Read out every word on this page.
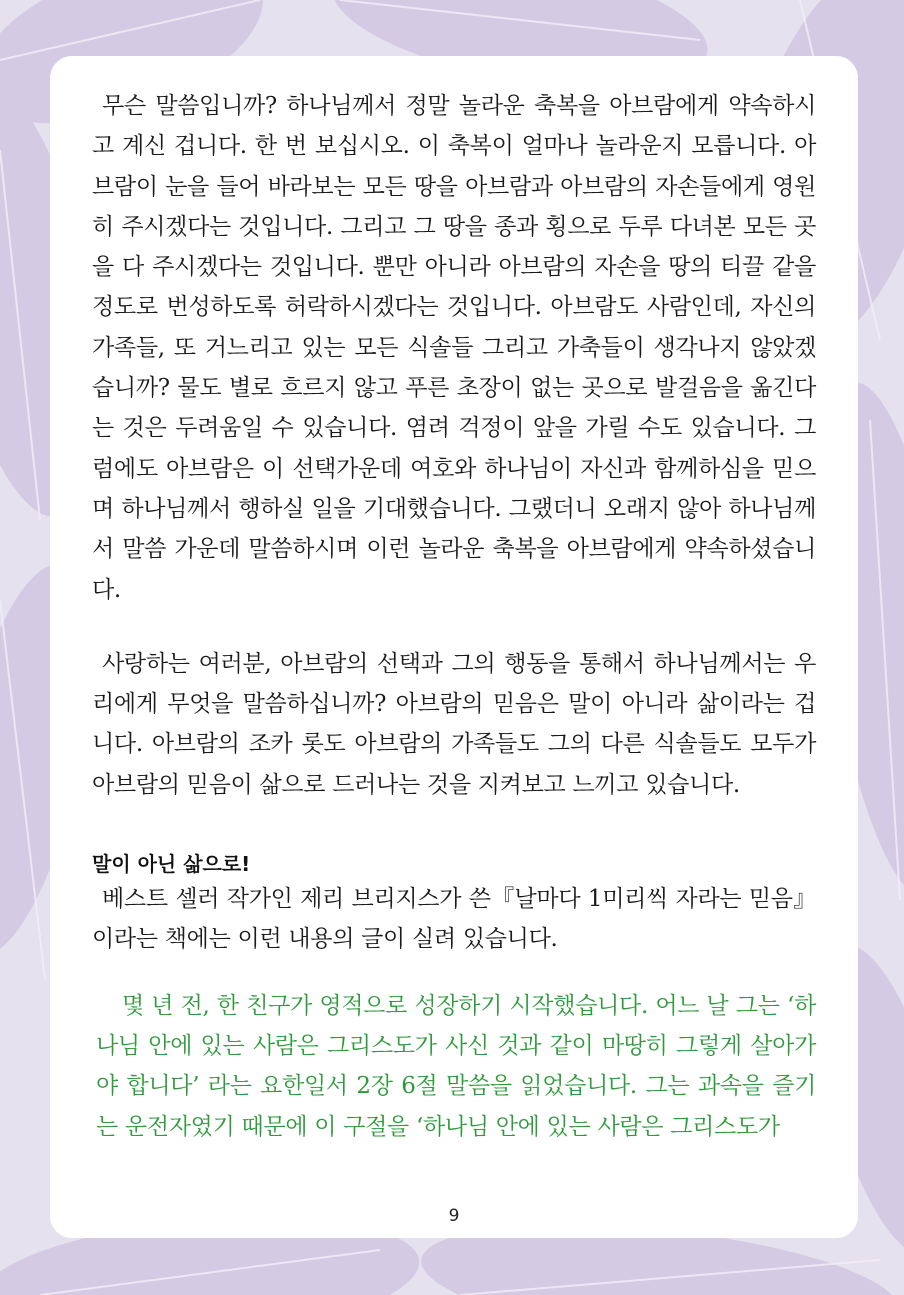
무슨 말씀입니까? 하나님께서 정말 놀라운 축복을 아브람에게 약속하시고 계신 겁니다. 한 번 보십시오. 이 축복이 얼마나 놀라운지 모릅니다. 아브람이 눈을 들어 바라보는 모든 땅을 아브람과 아브람의 자손들에게 영원히 주시겠다는 것입니다. 그리고 그 땅을 종과 횡으로 두루 다녀본 모든 곳을 다 주시겠다는 것입니다. 뿐만 아니라 아브람의 자손을 땅의 티끌 같을 정도로 번성하도록 허락하시겠다는 것입니다. 아브람도 사람인데, 자신의 가족들, 또 거느리고 있는 모든 식솔들 그리고 가축들이 생각나지 않았겠습니까? 물도 별로 흐르지 않고 푸른 초장이 없는 곳으로 발걸음을 옮긴다는 것은 두려움일 수 있습니다. 염려 걱정이 앞을 가릴 수도 있습니다. 그럼에도 아브람은 이 선택가운데 여호와 하나님이 자신과 함께하심을 믿으며 하나님께서 행하실 일을 기대했습니다. 그랬더니 오래지 않아 하나님께서 말씀 가운데 말씀하시며 이런 놀라운 축복을 아브람에게 약속하셨습니다.

사랑하는 여러분, 아브람의 선택과 그의 행동을 통해서 하나님께서는 우리에게 무엇을 말씀하십니까? 아브람의 믿음은 말이 아니라 삶이라는 겁니다. 아브람의 조카 롯도 아브람의 가족들도 그의 다른 식솔들도 모두가 아브람의 믿음이 삶으로 드러나는 것을 지켜보고 느끼고 있습니다.

말이 아닌 삶으로!

베스트 셀러 작가인 제리 브리지스가 쓴『날마다 1미리씩 자라는 믿음』이라는 책에는 이런 내용의 글이 실려 있습니다.

몇 년 전, 한 친구가 영적으로 성장하기 시작했습니다. 어느 날 그는 ‘하나님 안에 있는 사람은 그리스도가 사신 것과 같이 마땅히 그렇게 살아가야 합니다’ 라는 요한일서 2장 6절 말씀을 읽었습니다. 그는 과속을 즐기는 운전자였기 때문에 이 구절을 ‘하나님 안에 있는 사람은 그리스도가

9
